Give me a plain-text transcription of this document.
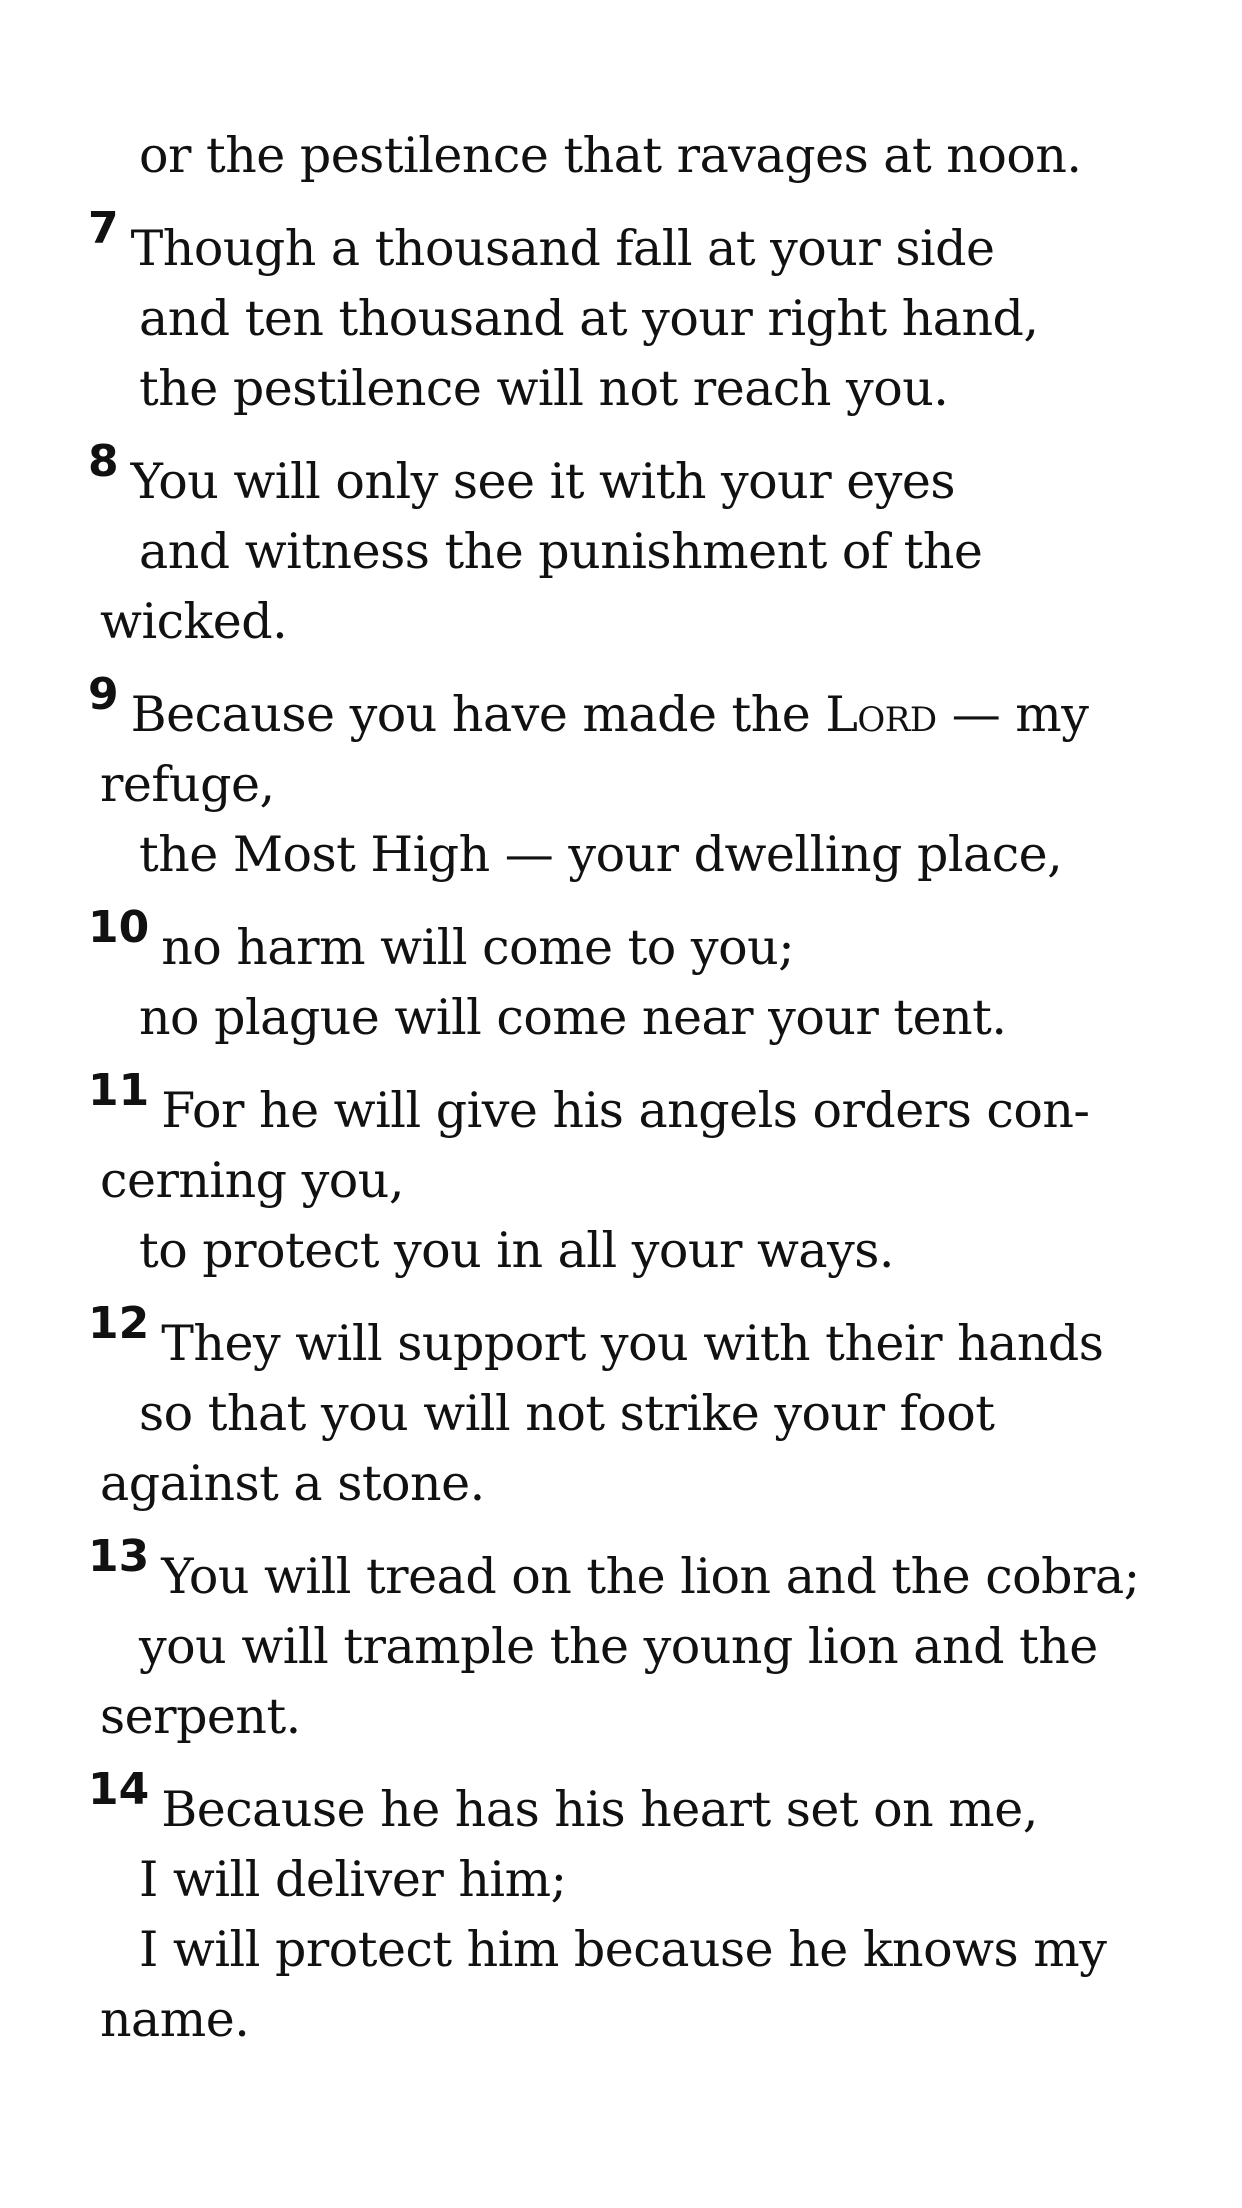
or the pestilence that ravages at noon.
7 Though a thousand fall at your side
and ten thousand at your right hand,
the pestilence will not reach you.
8 You will only see it with your eyes
and witness the punishment of the
wicked.
9 Because you have made the Lord — my
refuge,
the Most High — your dwelling place,
10 no harm will come to you;
no plague will come near your tent.
11 For he will give his angels orders con-
cerning you,
to protect you in all your ways.
12 They will support you with their hands
so that you will not strike your foot
against a stone.
13 You will tread on the lion and the cobra;
you will trample the young lion and the
serpent.
14 Because he has his heart set on me,
I will deliver him;
I will protect him because he knows my
name.
